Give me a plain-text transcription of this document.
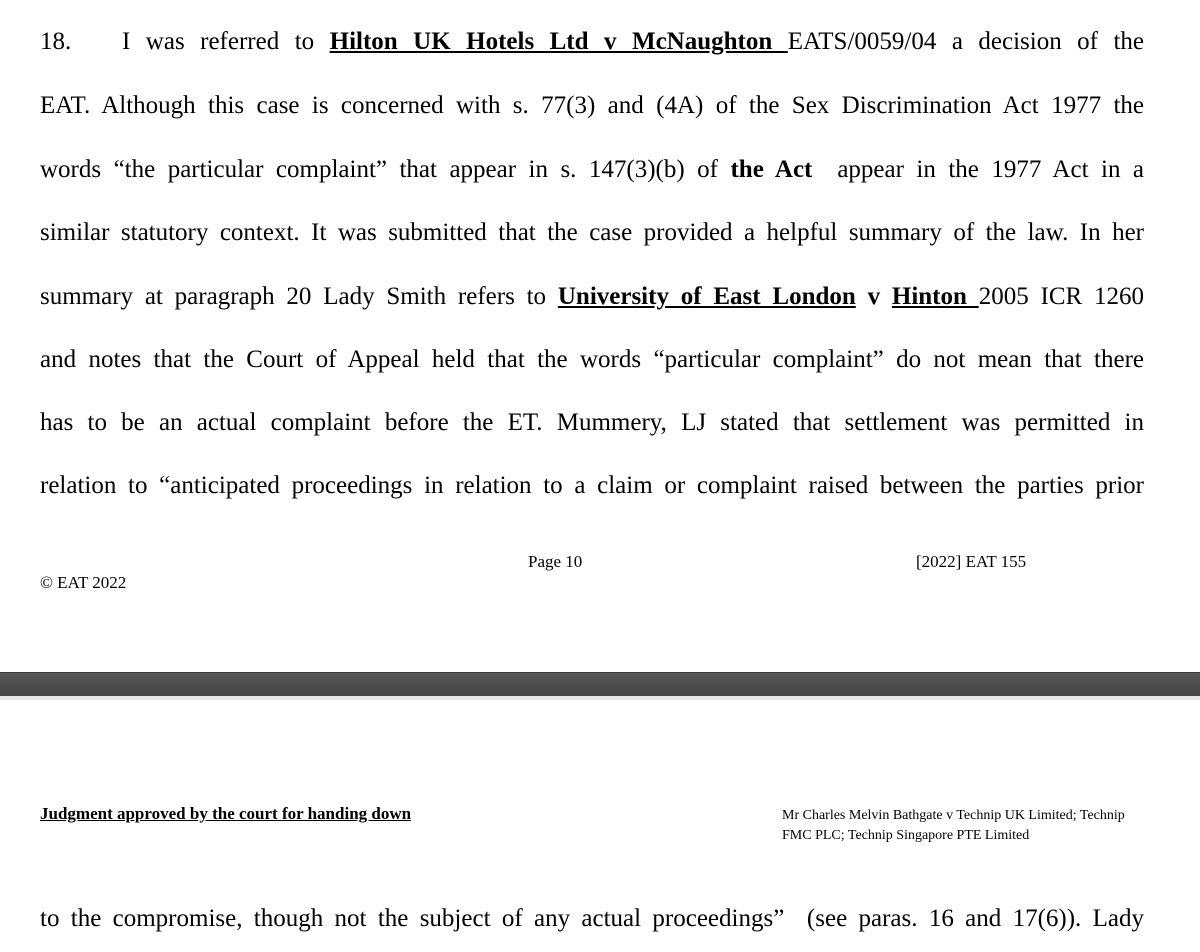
18. I was referred to Hilton UK Hotels Ltd v McNaughton EATS/0059/04 a decision of the
EAT. Although this case is concerned with s. 77(3) and (4A) of the Sex Discrimination Act 1977 the
words “the particular complaint” that appear in s. 147(3)(b) of the Act  appear in the 1977 Act in a
similar statutory context. It was submitted that the case provided a helpful summary of the law. In her
summary at paragraph 20 Lady Smith refers to University of East London v Hinton 2005 ICR 1260
and notes that the Court of Appeal held that the words “particular complaint” do not mean that there
has to be an actual complaint before the ET. Mummery, LJ stated that settlement was permitted in
relation to “anticipated proceedings in relation to a claim or complaint raised between the parties prior
Page 10	[2022] EAT 155
© EAT 2022
Judgment approved by the court for handing down	Mr Charles Melvin Bathgate v Technip UK Limited; Technip
FMC PLC; Technip Singapore PTE Limited
to the compromise, though not the subject of any actual proceedings”  (see paras. 16 and 17(6)). Lady
